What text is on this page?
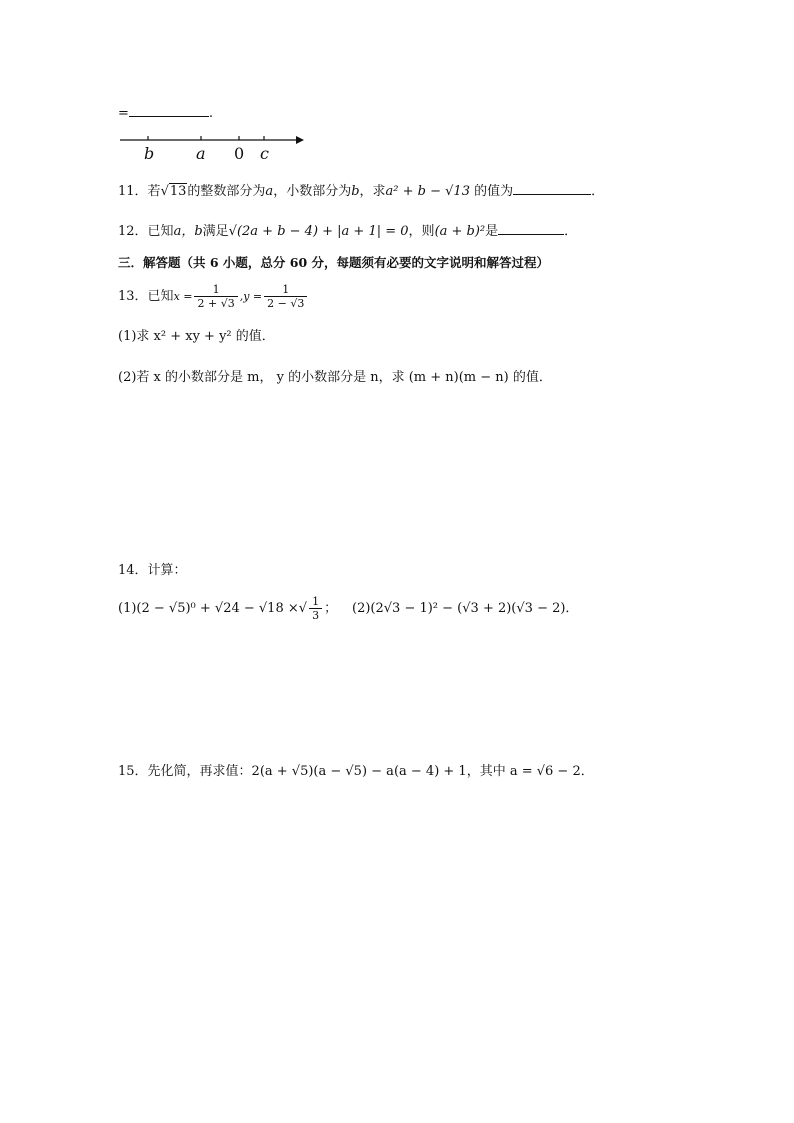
=	.
b	a 0 c
11．若√13的整数部分为a，小数部分为b，求a² + b − √13 的值为	．
12．已知a，b满足√(2a + b − 4) + |a + 1| = 0，则(a + b)²是	．
三．解答题（共 6 小题，总分 60 分，每题须有必要的文字说明和解答过程）
13．已知$x = \frac{1}{2 + √3} ,y = \frac{1}{2 - √3}$
(1)求 x² + xy + y² 的值．
(2)若 x 的小数部分是 m， y 的小数部分是 n，求 (m + n)(m − n) 的值．
14．计算：
(1)(2 − √5)⁰ + √24 − √18 ×√ $\frac{1}{3}$ ； (2)(2√3 − 1)² − (√3 + 2)(√3 − 2)．
15．先化简，再求值：2(a + √5)(a − √5) − a(a − 4) + 1，其中 a = √6 − 2．
